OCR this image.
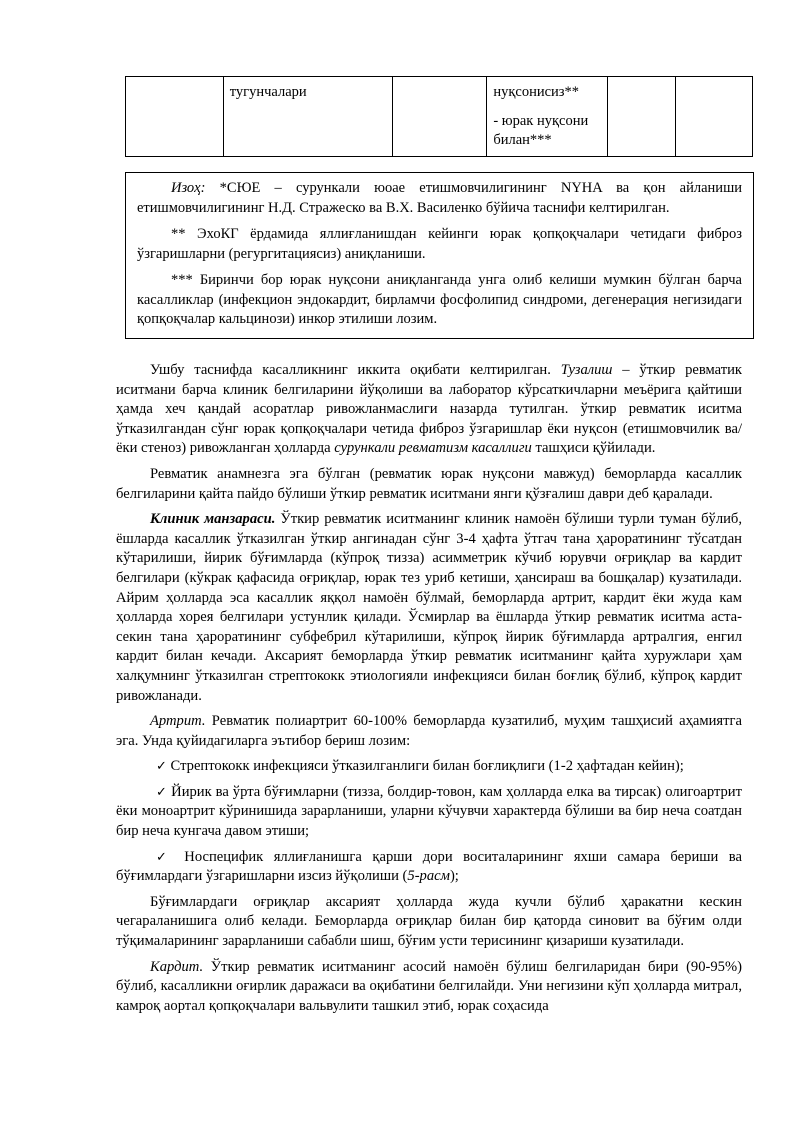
	тугунчалари		нуқсонисиз**

- юрак нуқсони билан***

Изоҳ: *СЮЕ – сурункали юоае етишмовчилигининг NYHA ва қон айланиши етишмовчилигининг Н.Д. Стражеско ва В.Х. Василенко бўйича таснифи келтирилган.

** ЭхоКГ ёрдамида яллиғланишдан кейинги юрак қопқоқчалари четидаги фиброз ўзгаришларни (регургитациясиз) аниқланиши.

*** Биринчи бор юрак нуқсони аниқланганда унга олиб келиши мумкин бўлган барча касалликлар (инфекцион эндокардит, бирламчи фосфолипид синдроми, дегенерация негизидаги қопқоқчалар кальцинози) инкор этилиши лозим.

Ушбу таснифда касалликнинг иккита оқибати келтирилган. Тузалиш – ўткир ревматик иситмани барча клиник белгиларини йўқолиши ва лаборатор кўрсаткичларни меъёрига қайтиши ҳамда хеч қандай асоратлар ривожланмаслиги назарда тутилган. ўткир ревматик иситма ўтказилгандан сўнг юрак қопқоқчалари четида фиброз ўзгаришлар ёки нуқсон (етишмовчилик ва/ёки стеноз) ривожланган ҳолларда сурункали ревматизм касаллиги ташҳиси қўйилади.

Ревматик анамнезга эга бўлган (ревматик юрак нуқсони мавжуд) беморларда касаллик белгиларини қайта пайдо бўлиши ўткир ревматик иситмани янги қўзғалиш даври деб қаралади.

Клиник манзараси. Ўткир ревматик иситманинг клиник намоён бўлиши турли туман бўлиб, ёшларда касаллик ўтказилган ўткир ангинадан сўнг 3-4 ҳафта ўтгач тана ҳароратининг тўсатдан кўтарилиши, йирик бўғимларда (кўпроқ тизза) асимметрик кўчиб юрувчи оғриқлар ва кардит белгилари (кўкрак қафасида оғриқлар, юрак тез уриб кетиши, ҳансираш ва бошқалар) кузатилади. Айрим ҳолларда эса касаллик яққол намоён бўлмай, беморларда артрит, кардит ёки жуда кам ҳолларда хорея белгилари устунлик қилади. Ўсмирлар ва ёшларда ўткир ревматик иситма аста-секин тана ҳароратининг субфебрил кўтарилиши, кўпроқ йирик бўғимларда артралгия, енгил кардит билан кечади. Аксарият беморларда ўткир ревматик иситманинг қайта хуружлари ҳам халқумнинг ўтказилган стрептококк этиологияли инфекцияси билан боғлиқ бўлиб, кўпроқ кардит ривожланади.

Артрит. Ревматик полиартрит 60-100% беморларда кузатилиб, муҳим ташҳисий аҳамиятга эга. Унда қуйидагиларга эътибор бериш лозим:

✓ Стрептококк инфекцияси ўтказилганлиги билан боғлиқлиги (1-2 ҳафтадан кейин);

✓ Йирик ва ўрта бўғимларни (тизза, болдир-товон, кам ҳолларда елка ва тирсак) олигоартрит ёки моноартрит кўринишида зарарланиши, уларни кўчувчи характерда бўлиши ва бир неча соатдан бир неча кунгача давом этиши;

✓ Носпецифик яллиғланишга қарши дори воситаларининг яхши самара бериши ва бўғимлардаги ўзгаришларни изсиз йўқолиши (5-расм);

Бўғимлардаги оғриқлар аксарият ҳолларда жуда кучли бўлиб ҳаракатни кескин чегараланишига олиб келади. Беморларда оғриқлар билан бир қаторда синовит ва бўғим олди тўқималарининг зарарланиши сабабли шиш, бўғим усти терисининг қизариши кузатилади.

Кардит. Ўткир ревматик иситманинг асосий намоён бўлиш белгиларидан бири (90-95%) бўлиб, касалликни оғирлик даражаси ва оқибатини белгилайди. Уни негизини кўп ҳолларда митрал, камроқ аортал қопқоқчалари вальвулити ташкил этиб, юрак соҳасида
